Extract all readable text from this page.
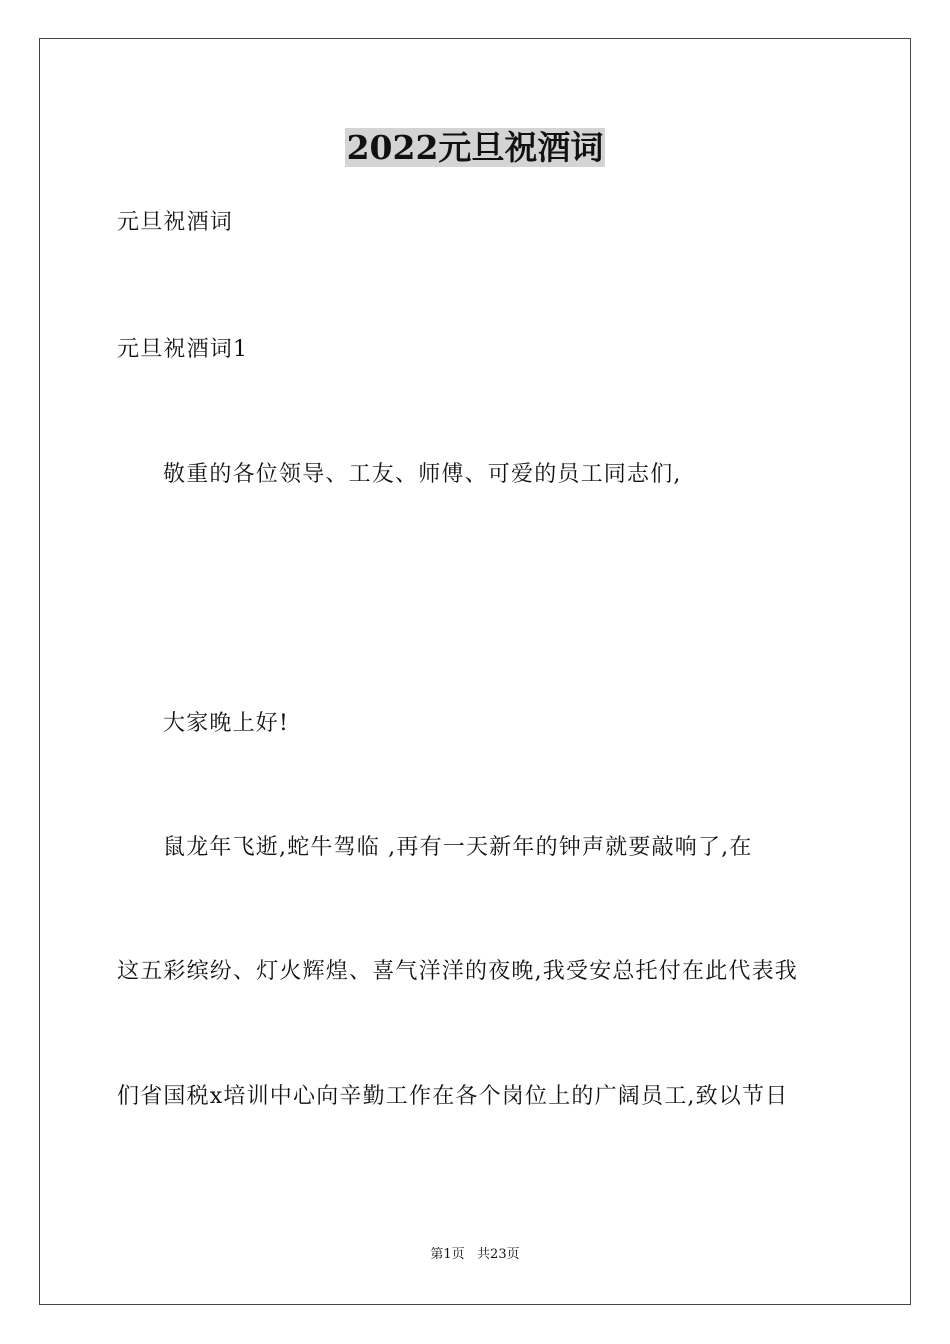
2022元旦祝酒词
元旦祝酒词
元旦祝酒词1
敬重的各位领导、工友、师傅、可爱的员工同志们,
大家晚上好!
鼠龙年飞逝,蛇牛驾临 ,再有一天新年的钟声就要敲响了,在
这五彩缤纷、灯火辉煌、喜气洋洋的夜晚,我受安总托付在此代表我
们省国税x培训中心向辛勤工作在各个岗位上的广阔员工,致以节日
第1页   共23页
